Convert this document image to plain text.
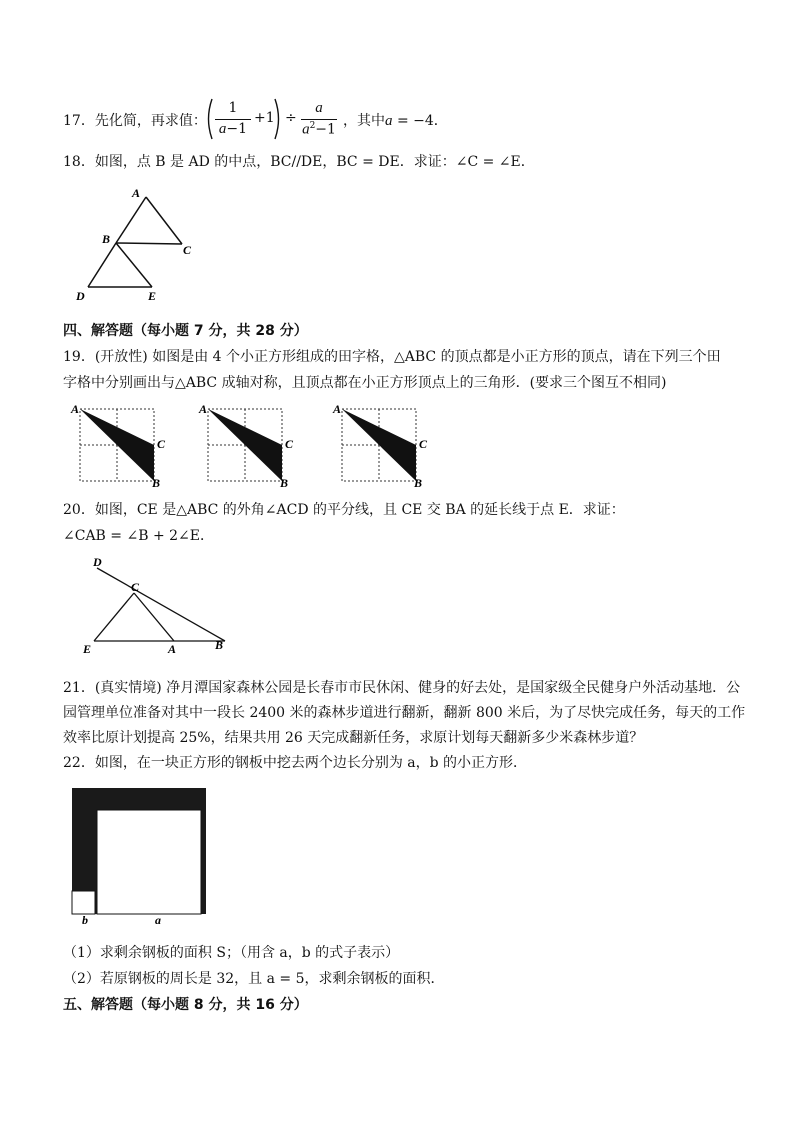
17．先化简，再求值：
1
a−1
+1 ÷
a
$a^2-1$
，其中a = −4．
18．如图，点 B 是 AD 的中点，BC//DE，BC = DE．求证：∠C = ∠E．
A
B
C
D	E
四、解答题（每小题 7 分，共 28 分）
19．(开放性) 如图是由 4 个小正方形组成的田字格，△ABC 的顶点都是小正方形的顶点，请在下列三个田
字格中分别画出与△ABC 成轴对称，且顶点都在小正方形顶点上的三角形．(要求三个图互不相同)
A
C
B
A
C
B
A
C
B
20．如图，CE 是△ABC 的外角∠ACD 的平分线，且 CE 交 BA 的延长线于点 E．求证：
∠CAB = ∠B + 2∠E．
D
C
E	A	B
21．(真实情境) 净月潭国家森林公园是长春市市民休闲、健身的好去处，是国家级全民健身户外活动基地．公
园管理单位准备对其中一段长 2400 米的森林步道进行翻新，翻新 800 米后，为了尽快完成任务，每天的工作
效率比原计划提高 25%，结果共用 26 天完成翻新任务，求原计划每天翻新多少米森林步道？
22．如图，在一块正方形的钢板中挖去两个边长分别为 a，b 的小正方形．
b	a
（1）求剩余钢板的面积 S；（用含 a，b 的式子表示）
（2）若原钢板的周长是 32，且 a = 5，求剩余钢板的面积．
五、解答题（每小题 8 分，共 16 分）
